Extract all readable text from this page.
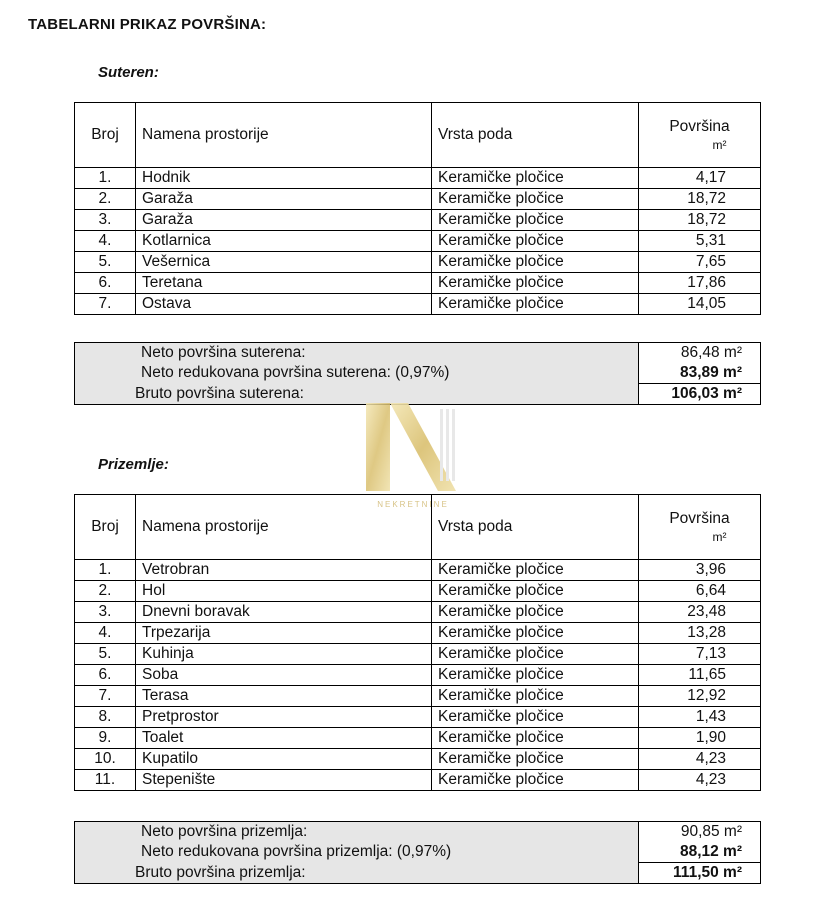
TABELARNI PRIKAZ POVRŠINA:
Suteren:
Broj	Namena prostorije	Vrsta poda	Površina
m²

1.	Hodnik	Keramičke pločice	4,17
2.	Garaža	Keramičke pločice	18,72
3.	Garaža	Keramičke pločice	18,72
4.	Kotlarnica	Keramičke pločice	5,31
5.	Vešernica	Keramičke pločice	7,65
6.	Teretana	Keramičke pločice	17,86
7.	Ostava	Keramičke pločice	14,05
Neto površina suterena:	86,48 m²
Neto redukovana površina suterena: (0,97%)	83,89 m²
Bruto površina suterena:	106,03 m²
NEKRETNINE
Prizemlje:
Broj	Namena prostorije	Vrsta poda	Površina
m²

1.	Vetrobran	Keramičke pločice	3,96
2.	Hol	Keramičke pločice	6,64
3.	Dnevni boravak	Keramičke pločice	23,48
4.	Trpezarija	Keramičke pločice	13,28
5.	Kuhinja	Keramičke pločice	7,13
6.	Soba	Keramičke pločice	11,65
7.	Terasa	Keramičke pločice	12,92
8.	Pretprostor	Keramičke pločice	1,43
9.	Toalet	Keramičke pločice	1,90
10.	Kupatilo	Keramičke pločice	4,23
11.	Stepenište	Keramičke pločice	4,23
Neto površina prizemlja:	90,85 m²
Neto redukovana površina prizemlja: (0,97%)	88,12 m²
Bruto površina prizemlja:	111,50 m²
